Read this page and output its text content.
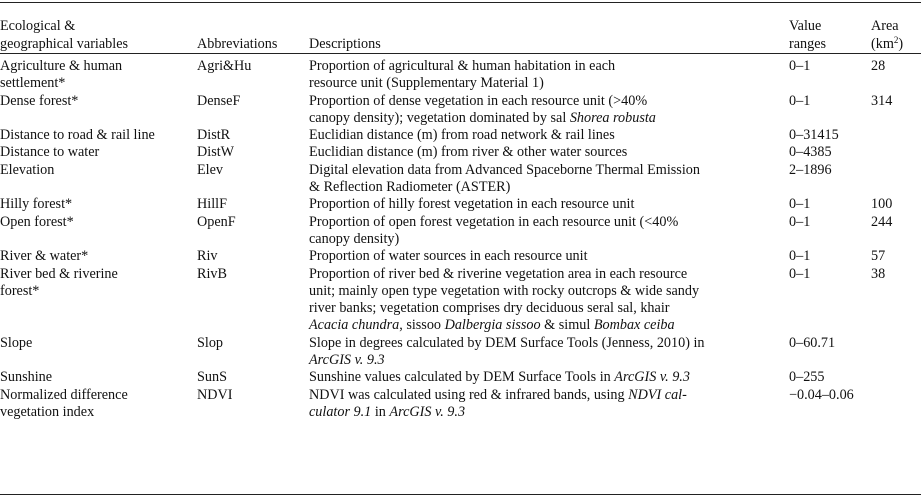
Ecological &
geographical variables	Abbreviations	Descriptions	Value
ranges	Area
$(km^2)$
Agriculture & human
settlement*	Agri&Hu	Proportion of agricultural & human habitation in each
resource unit (Supplementary Material 1)	0–1	28
Dense forest*	DenseF	Proportion of dense vegetation in each resource unit (>40%
canopy density); vegetation dominated by sal Shorea robusta	0–1	314
Distance to road & rail line	DistR	Euclidian distance (m) from road network & rail lines	0–31415	
Distance to water	DistW	Euclidian distance (m) from river & other water sources	0–4385	
Elevation	Elev	Digital elevation data from Advanced Spaceborne Thermal Emission
& Reflection Radiometer (ASTER)	2–1896	
Hilly forest*	HillF	Proportion of hilly forest vegetation in each resource unit	0–1	100
Open forest*	OpenF	Proportion of open forest vegetation in each resource unit (<40%
canopy density)	0–1	244
River & water*	Riv	Proportion of water sources in each resource unit	0–1	57
River bed & riverine
forest*	RivB	Proportion of river bed & riverine vegetation area in each resource
unit; mainly open type vegetation with rocky outcrops & wide sandy
river banks; vegetation comprises dry deciduous seral sal, khair
Acacia chundra, sissoo Dalbergia sissoo & simul Bombax ceiba	0–1	38
Slope	Slop	Slope in degrees calculated by DEM Surface Tools (Jenness, 2010) in
ArcGIS v. 9.3	0–60.71	
Sunshine	SunS	Sunshine values calculated by DEM Surface Tools in ArcGIS v. 9.3	0–255	
Normalized difference
vegetation index	NDVI	NDVI was calculated using red & infrared bands, using NDVI cal-
culator 9.1 in ArcGIS v. 9.3	−0.04–0.06	
